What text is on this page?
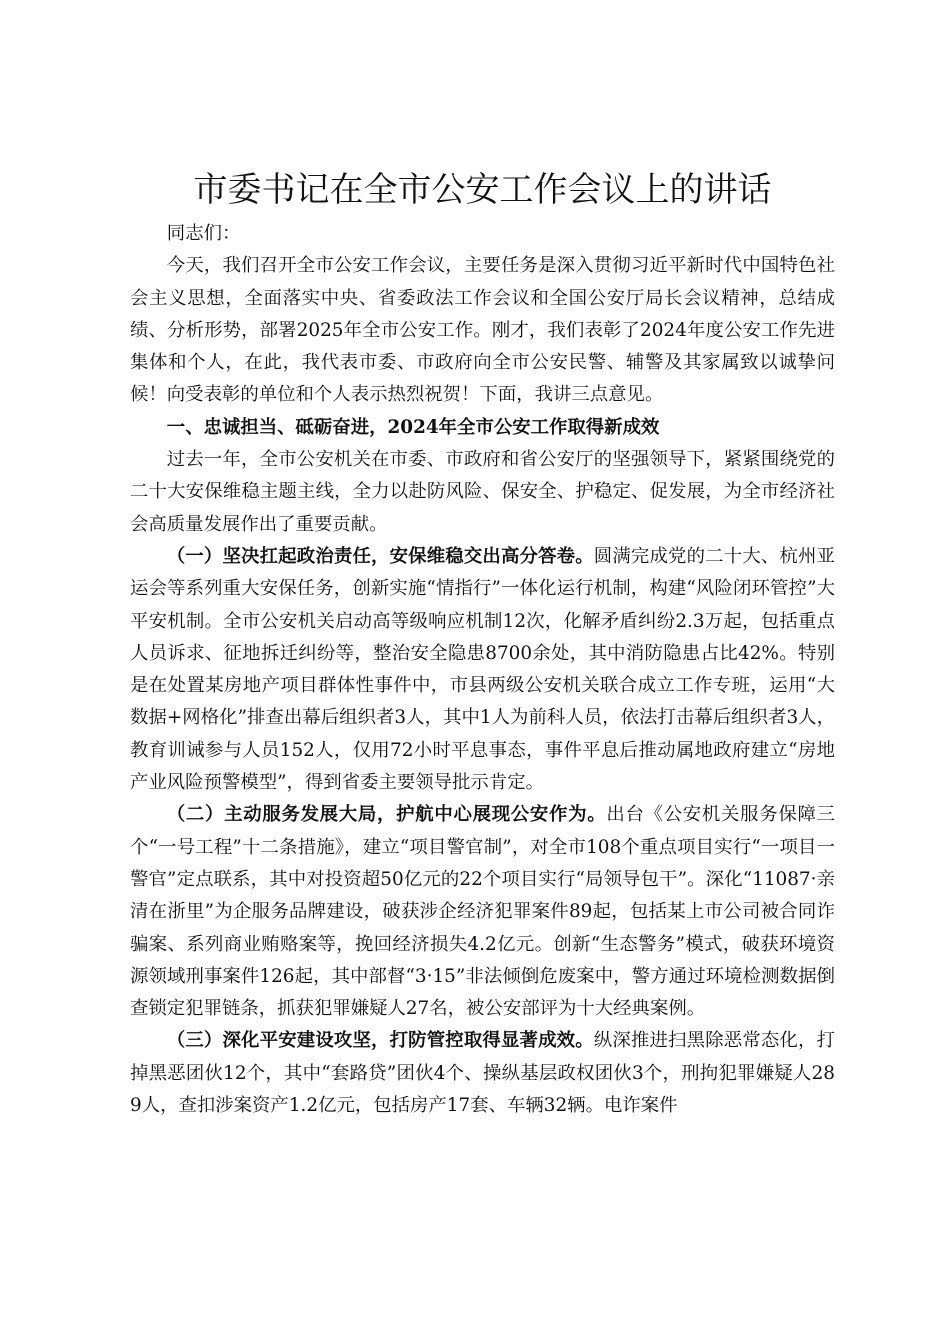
市委书记在全市公安工作会议上的讲话

同志们：

今天，我们召开全市公安工作会议，主要任务是深入贯彻习近平新时代中国特色社会主义思想，全面落实中央、省委政法工作会议和全国公安厅局长会议精神，总结成绩、分析形势，部署2025年全市公安工作。刚才，我们表彰了2024年度公安工作先进集体和个人，在此，我代表市委、市政府向全市公安民警、辅警及其家属致以诚挚问候！向受表彰的单位和个人表示热烈祝贺！下面，我讲三点意见。

一、忠诚担当、砥砺奋进，2024年全市公安工作取得新成效

过去一年，全市公安机关在市委、市政府和省公安厅的坚强领导下，紧紧围绕党的二十大安保维稳主题主线，全力以赴防风险、保安全、护稳定、促发展，为全市经济社会高质量发展作出了重要贡献。

（一）坚决扛起政治责任，安保维稳交出高分答卷。圆满完成党的二十大、杭州亚运会等系列重大安保任务，创新实施“情指行”一体化运行机制，构建“风险闭环管控”大平安机制。全市公安机关启动高等级响应机制12次，化解矛盾纠纷2.3万起，包括重点人员诉求、征地拆迁纠纷等，整治安全隐患8700余处，其中消防隐患占比42%。特别是在处置某房地产项目群体性事件中，市县两级公安机关联合成立工作专班，运用“大数据+网格化”排查出幕后组织者3人，其中1人为前科人员，依法打击幕后组织者3人，教育训诫参与人员152人，仅用72小时平息事态，事件平息后推动属地政府建立“房地产业风险预警模型”，得到省委主要领导批示肯定。

（二）主动服务发展大局，护航中心展现公安作为。出台《公安机关服务保障三个“一号工程”十二条措施》，建立“项目警官制”，对全市108个重点项目实行“一项目一警官”定点联系，其中对投资超50亿元的22个项目实行“局领导包干”。深化“11087·亲清在浙里”为企服务品牌建设，破获涉企经济犯罪案件89起，包括某上市公司被合同诈骗案、系列商业贿赂案等，挽回经济损失4.2亿元。创新“生态警务”模式，破获环境资源领域刑事案件126起，其中部督“3·15”非法倾倒危废案中，警方通过环境检测数据倒查锁定犯罪链条，抓获犯罪嫌疑人27名，被公安部评为十大经典案例。

（三）深化平安建设攻坚，打防管控取得显著成效。纵深推进扫黑除恶常态化，打掉黑恶团伙12个，其中“套路贷”团伙4个、操纵基层政权团伙3个，刑拘犯罪嫌疑人289人，查扣涉案资产1.2亿元，包括房产17套、车辆32辆。电诈案件
